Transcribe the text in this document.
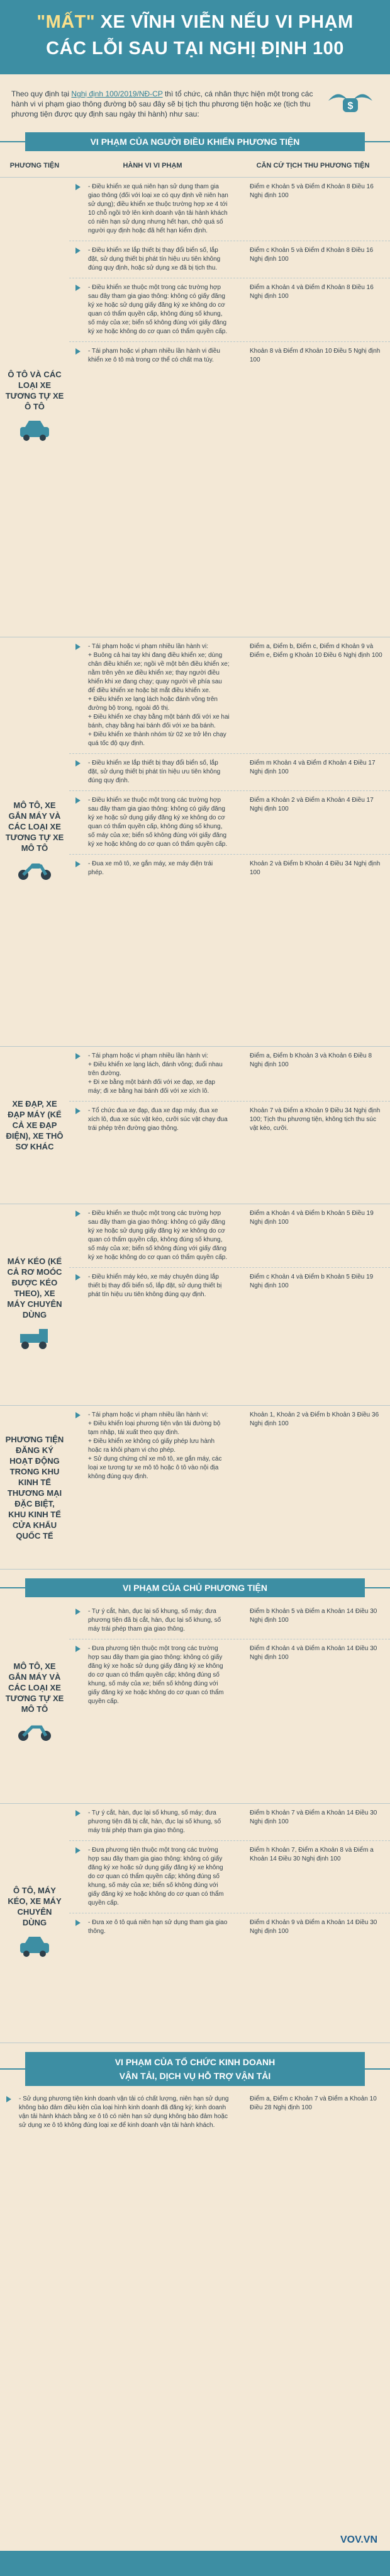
"MẤT" XE VĨNH VIỄN NẾU VI PHẠM
CÁC LỖI SAU TẠI NGHỊ ĐỊNH 100
Theo quy định tại Nghị định 100/2019/NĐ-CP thì tổ chức, cá nhân thực hiện một trong các hành vi vi phạm giao thông đường bộ sau đây sẽ bị tịch thu phương tiện hoặc xe (tịch thu phương tiện được quy định sau ngày thi hành) như sau:
$
VI PHẠM CỦA NGƯỜI ĐIỀU KHIỂN PHƯƠNG TIỆN
PHƯƠNG TIỆN	HÀNH VI VI PHẠM	CĂN CỨ TỊCH THU PHƯƠNG TIỆN
Ô TÔ VÀ CÁC LOẠI XE TƯƠNG TỰ XE Ô TÔ
- Điều khiển xe quá niên hạn sử dụng tham gia giao thông (đối với loại xe có quy định về niên hạn sử dụng); điều khiển xe thuộc trường hợp xe 4 tới 10 chỗ ngồi trở lên kinh doanh vận tải hành khách có niên hạn sử dụng nhưng hết hạn, chở quá số người quy định hoặc đã hết hạn kiểm định.
Điểm e Khoản 5 và Điểm đ Khoản 8 Điều 16 Nghị định 100
- Điều khiển xe lắp thiết bị thay đổi biển số, lắp đặt, sử dụng thiết bị phát tín hiệu ưu tiên không đúng quy định, hoặc sử dụng xe đã bị tịch thu.
Điểm c Khoản 5 và Điểm đ Khoản 8 Điều 16 Nghị định 100
- Điều khiển xe thuộc một trong các trường hợp sau đây tham gia giao thông: không có giấy đăng ký xe hoặc sử dụng giấy đăng ký xe không do cơ quan có thẩm quyền cấp, không đúng số khung, số máy của xe; biển số không đúng với giấy đăng ký xe hoặc không do cơ quan có thẩm quyền cấp.
Điểm a Khoản 4 và Điểm đ Khoản 8 Điều 16 Nghị định 100
- Tái phạm hoặc vi phạm nhiều lần hành vi điều khiển xe ô tô mà trong cơ thể có chất ma túy.
Khoản 8 và Điểm đ Khoản 10 Điều 5 Nghị định 100
MÔ TÔ, XE GẮN MÁY VÀ CÁC LOẠI XE TƯƠNG TỰ XE MÔ TÔ
- Tái phạm hoặc vi phạm nhiều lần hành vi:
+ Buông cả hai tay khi đang điều khiển xe; dùng chân điều khiển xe; ngồi về một bên điều khiển xe; nằm trên yên xe điều khiển xe; thay người điều khiển khi xe đang chạy; quay người về phía sau để điều khiển xe hoặc bịt mắt điều khiển xe.
+ Điều khiển xe lạng lách hoặc đánh võng trên đường bộ trong, ngoài đô thị.
+ Điều khiển xe chạy bằng một bánh đối với xe hai bánh, chạy bằng hai bánh đối với xe ba bánh.
+ Điều khiển xe thành nhóm từ 02 xe trở lên chạy quá tốc độ quy định.
Điểm a, Điểm b, Điểm c, Điểm d Khoản 9 và Điểm e, Điểm g Khoản 10 Điều 6 Nghị định 100
- Điều khiển xe lắp thiết bị thay đổi biển số, lắp đặt, sử dụng thiết bị phát tín hiệu ưu tiên không đúng quy định.
Điểm m Khoản 4 và Điểm đ Khoản 4 Điều 17 Nghị định 100
- Điều khiển xe thuộc một trong các trường hợp sau đây tham gia giao thông: không có giấy đăng ký xe hoặc sử dụng giấy đăng ký xe không do cơ quan có thẩm quyền cấp, không đúng số khung, số máy của xe; biển số không đúng với giấy đăng ký xe hoặc không do cơ quan có thẩm quyền cấp.
Điểm a Khoản 2 và Điểm a Khoản 4 Điều 17 Nghị định 100
- Đua xe mô tô, xe gắn máy, xe máy điện trái phép.
Khoản 2 và Điểm b Khoản 4 Điều 34 Nghị định 100
XE ĐẠP, XE ĐẠP MÁY (KỂ CẢ XE ĐẠP ĐIỆN), XE THÔ SƠ KHÁC
- Tái phạm hoặc vi phạm nhiều lần hành vi:
+ Điều khiển xe lạng lách, đánh võng; đuổi nhau trên đường.
+ Đi xe bằng một bánh đối với xe đạp, xe đạp máy; đi xe bằng hai bánh đối với xe xích lô.
Điểm a, Điểm b Khoản 3 và Khoản 6 Điều 8 Nghị định 100
- Tổ chức đua xe đạp, đua xe đạp máy, đua xe xích lô, đua xe súc vật kéo, cưỡi súc vật chạy đua trái phép trên đường giao thông.
Khoản 7 và Điểm a Khoản 9 Điều 34 Nghị định 100; Tịch thu phương tiện, không tịch thu súc vật kéo, cưỡi.
MÁY KÉO (KỂ CẢ RƠ MOÓC ĐƯỢC KÉO THEO), XE MÁY CHUYÊN DÙNG
- Điều khiển xe thuộc một trong các trường hợp sau đây tham gia giao thông: không có giấy đăng ký xe hoặc sử dụng giấy đăng ký xe không do cơ quan có thẩm quyền cấp, không đúng số khung, số máy của xe; biển số không đúng với giấy đăng ký xe hoặc không do cơ quan có thẩm quyền cấp.
Điểm a Khoản 4 và Điểm b Khoản 5 Điều 19 Nghị định 100
- Điều khiển máy kéo, xe máy chuyên dùng lắp thiết bị thay đổi biển số, lắp đặt, sử dụng thiết bị phát tín hiệu ưu tiên không đúng quy định.
Điểm c Khoản 4 và Điểm b Khoản 5 Điều 19 Nghị định 100
PHƯƠNG TIỆN ĐĂNG KÝ HOẠT ĐỘNG TRONG KHU KINH TẾ THƯƠNG MẠI ĐẶC BIỆT, KHU KINH TẾ CỬA KHẨU QUỐC TẾ
- Tái phạm hoặc vi phạm nhiều lần hành vi:
+ Điều khiển loại phương tiện vận tải đường bộ tạm nhập, tái xuất theo quy định.
+ Điều khiển xe không có giấy phép lưu hành hoặc ra khỏi phạm vi cho phép.
+ Sử dụng chứng chỉ xe mô tô, xe gắn máy, các loại xe tương tự xe mô tô hoặc ô tô vào nội địa không đúng quy định.
Khoản 1, Khoản 2 và Điểm b Khoản 3 Điều 36 Nghị định 100
VI PHẠM CỦA CHỦ PHƯƠNG TIỆN
MÔ TÔ, XE GẮN MÁY VÀ CÁC LOẠI XE TƯƠNG TỰ XE MÔ TÔ
- Tự ý cắt, hàn, đục lại số khung, số máy; đưa phương tiện đã bị cắt, hàn, đục lại số khung, số máy trái phép tham gia giao thông.
Điểm b Khoản 5 và Điểm a Khoản 14 Điều 30 Nghị định 100
- Đưa phương tiện thuộc một trong các trường hợp sau đây tham gia giao thông: không có giấy đăng ký xe hoặc sử dụng giấy đăng ký xe không do cơ quan có thẩm quyền cấp; không đúng số khung, số máy của xe; biển số không đúng với giấy đăng ký xe hoặc không do cơ quan có thẩm quyền cấp.
Điểm đ Khoản 4 và Điểm a Khoản 14 Điều 30 Nghị định 100
Ô TÔ, MÁY KÉO, XE MÁY CHUYÊN DÙNG
- Tự ý cắt, hàn, đục lại số khung, số máy; đưa phương tiện đã bị cắt, hàn, đục lại số khung, số máy trái phép tham gia giao thông.
Điểm b Khoản 7 và Điểm a Khoản 14 Điều 30 Nghị định 100
- Đưa phương tiện thuộc một trong các trường hợp sau đây tham gia giao thông: không có giấy đăng ký xe hoặc sử dụng giấy đăng ký xe không do cơ quan có thẩm quyền cấp; không đúng số khung, số máy của xe; biển số không đúng với giấy đăng ký xe hoặc không do cơ quan có thẩm quyền cấp.
Điểm h Khoản 7, Điểm a Khoản 8 và Điểm a Khoản 14 Điều 30 Nghị định 100
- Đưa xe ô tô quá niên hạn sử dụng tham gia giao thông.
Điểm d Khoản 9 và Điểm a Khoản 14 Điều 30 Nghị định 100
VI PHẠM CỦA TỔ CHỨC KINH DOANH
VẬN TẢI, DỊCH VỤ HỖ TRỢ VẬN TẢI
- Sử dụng phương tiện kinh doanh vận tải có chất lượng, niên hạn sử dụng không bảo đảm điều kiện của loại hình kinh doanh đã đăng ký; kinh doanh vận tải hành khách bằng xe ô tô có niên hạn sử dụng không bảo đảm hoặc sử dụng xe ô tô không đúng loại xe để kinh doanh vận tải hành khách.
Điểm a, Điểm c Khoản 7 và Điểm a Khoản 10 Điều 28 Nghị định 100
VOV.VN
